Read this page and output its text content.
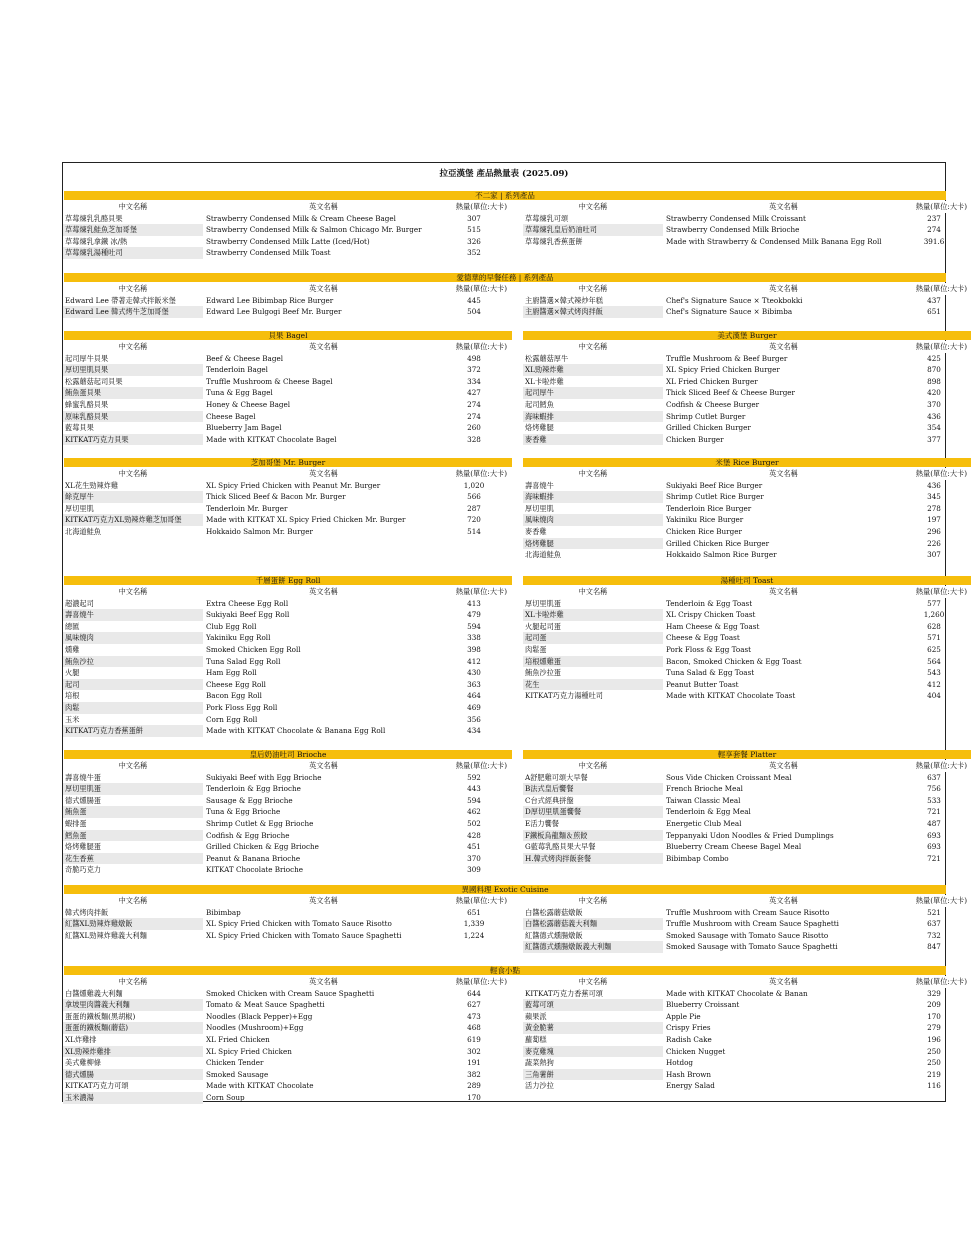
拉亞漢堡 產品熱量表 (2025.09)
不二家 | 系列產品
中文名稱	英文名稱	熱量(單位:大卡)
草莓煉乳乳酪貝果	Strawberry Condensed Milk & Cream Cheese Bagel	307
草莓煉乳鮭魚芝加哥堡	Strawberry Condensed Milk & Salmon Chicago Mr. Burger	515
草莓煉乳拿鐵 冰/熱	Strawberry Condensed Milk Latte (Iced/Hot)	326
草莓煉乳湯種吐司	Strawberry Condensed Milk Toast	352
中文名稱	英文名稱	熱量(單位:大卡)
草莓煉乳可頌	Strawberry Condensed Milk Croissant	237
草莓煉乳皇后奶油吐司	Strawberry Condensed Milk Brioche	274
草莓煉乳香蕉蛋餅	Made with Strawberry & Condensed Milk Banana Egg Roll	391.6
愛德華的早餐任務 | 系列產品
中文名稱	英文名稱	熱量(單位:大卡)
Edward Lee 帶著走韓式拌飯米堡	Edward Lee Bibimbap Rice Burger	445
Edward Lee 韓式烤牛芝加哥堡	Edward Lee Bulgogi Beef Mr. Burger	504
中文名稱	英文名稱	熱量(單位:大卡)
主廚醬選×韓式辣炒年糕	Chef's Signature Sauce × Tteokbokki	437
主廚醬選×韓式烤肉拌飯	Chef's Signature Sauce × Bibimba	651
貝果 Bagel
中文名稱	英文名稱	熱量(單位:大卡)
起司厚牛貝果	Beef & Cheese Bagel	498
厚切里肌貝果	Tenderloin Bagel	372
松露蘑菇起司貝果	Truffle Mushroom & Cheese Bagel	334
鮪魚蛋貝果	Tuna & Egg Bagel	427
蜂蜜乳酪貝果	Honey & Cheese Bagel	274
原味乳酪貝果	Cheese Bagel	274
藍莓貝果	Blueberry Jam Bagel	260
KITKAT巧克力貝果	Made with KITKAT Chocolate Bagel	328
美式漢堡 Burger
中文名稱	英文名稱	熱量(單位:大卡)
松露蘑菇厚牛	Truffle Mushroom & Beef Burger	425
XL勁辣炸雞	XL Spicy Fried Chicken Burger	870
XL卡啦炸雞	XL Fried Chicken Burger	898
起司厚牛	Thick Sliced Beef & Cheese Burger	420
起司鱈魚	Codfish & Cheese Burger	370
海味蝦排	Shrimp Cutlet Burger	436
烙烤雞腿	Grilled Chicken Burger	354
麥香雞	Chicken Burger	377
芝加哥堡 Mr. Burger
中文名稱	英文名稱	熱量(單位:大卡)
XL花生勁辣炸雞	XL Spicy Fried Chicken with Peanut Mr. Burger	1,020
餘克厚牛	Thick Sliced Beef & Bacon Mr. Burger	566
厚切里肌	Tenderloin Mr. Burger	287
KITKAT巧克力XL勁辣炸雞芝加哥堡	Made with KITKAT XL Spicy Fried Chicken Mr. Burger	720
北海道鮭魚	Hokkaido Salmon Mr. Burger	514
米堡 Rice Burger
中文名稱	英文名稱	熱量(單位:大卡)
壽喜燒牛	Sukiyaki Beef Rice Burger	436
海味蝦排	Shrimp Cutlet Rice Burger	345
厚切里肌	Tenderloin Rice Burger	278
風味燒肉	Yakiniku Rice Burger	197
麥香雞	Chicken Rice Burger	296
烙烤雞腿	Grilled Chicken Rice Burger	226
北海道鮭魚	Hokkaido Salmon Rice Burger	307
千層蛋餅 Egg Roll
中文名稱	英文名稱	熱量(單位:大卡)
超濃起司	Extra Cheese Egg Roll	413
壽喜燒牛	Sukiyaki Beef Egg Roll	479
總匯	Club Egg Roll	594
風味燒肉	Yakiniku Egg Roll	338
燻雞	Smoked Chicken Egg Roll	398
鮪魚沙拉	Tuna Salad Egg Roll	412
火腿	Ham Egg Roll	430
起司	Cheese Egg Roll	363
培根	Bacon Egg Roll	464
肉鬆	Pork Floss Egg Roll	469
玉米	Corn Egg Roll	356
KITKAT巧克力香蕉蛋餅	Made with KITKAT Chocolate & Banana Egg Roll	434
湯種吐司 Toast
中文名稱	英文名稱	熱量(單位:大卡)
厚切里肌蛋	Tenderloin & Egg Toast	577
XL卡啦炸雞	XL Crispy Chicken Toast	1,260
火腿起司蛋	Ham Cheese & Egg Toast	628
起司蛋	Cheese & Egg Toast	571
肉鬆蛋	Pork Floss & Egg Toast	625
培根燻雞蛋	Bacon, Smoked Chicken & Egg Toast	564
鮪魚沙拉蛋	Tuna Salad & Egg Toast	543
花生	Peanut Butter Toast	412
KITKAT巧克力湯種吐司	Made with KITKAT Chocolate Toast	404
皇后奶油吐司 Brioche
中文名稱	英文名稱	熱量(單位:大卡)
壽喜燒牛蛋	Sukiyaki Beef with Egg Brioche	592
厚切里肌蛋	Tenderloin & Egg Brioche	443
德式燻腸蛋	Sausage & Egg Brioche	594
鮪魚蛋	Tuna & Egg Brioche	462
蝦排蛋	Shrimp Cutlet & Egg Brioche	502
鱈魚蛋	Codfish & Egg Brioche	428
烙烤雞腿蛋	Grilled Chicken & Egg Brioche	451
花生香蕉	Peanut & Banana Brioche	370
奇脆巧克力	KITKAT Chocolate Brioche	309
輕享套餐 Platter
中文名稱	英文名稱	熱量(單位:大卡)
A舒肥雞可頌大早餐	Sous Vide Chicken Croissant Meal	637
B法式皇后饗餐	French Brioche Meal	756
C台式經典拼盤	Taiwan Classic Meal	533
D厚切里肌蛋饗餐	Tenderloin & Egg Meal	721
E活力饗餐	Energetic Club Meal	487
F鐵板烏龍麵＆煎餃	Teppanyaki Udon Noodles & Fried Dumplings	693
G藍莓乳酪貝果大早餐	Blueberry Cream Cheese Bagel Meal	693
H.韓式烤肉拌飯套餐	Bibimbap Combo	721
異國料理 Exotic Cuisine
中文名稱	英文名稱	熱量(單位:大卡)
韓式烤肉拌飯	Bibimbap	651
紅醬XL勁辣炸雞燉飯	XL Spicy Fried Chicken with Tomato Sauce Risotto	1,339
紅醬XL勁辣炸雞義大利麵	XL Spicy Fried Chicken with Tomato Sauce Spaghetti	1,224
中文名稱	英文名稱	熱量(單位:大卡)
白醬松露蘑菇燉飯	Truffle Mushroom with Cream Sauce Risotto	521
白醬松露蘑菇義大利麵	Truffle Mushroom with Cream Sauce Spaghetti	637
紅醬德式燻腸燉飯	Smoked Sausage with Tomato Sauce Risotto	732
紅醬德式燻腸燉飯義大利麵	Smoked Sausage with Tomato Sauce Spaghetti	847
輕食小點
中文名稱	英文名稱	熱量(單位:大卡)
白醬燻雞義大利麵	Smoked Chicken with Cream Sauce Spaghetti	644
拿坡里肉醬義大利麵	Tomato & Meat Sauce Spaghetti	627
蛋蛋的鐵板麵(黑胡椒)	Noodles (Black Pepper)+Egg	473
蛋蛋的鐵板麵(蘑菇)	Noodles (Mushroom)+Egg	468
XL炸雞排	XL Fried Chicken	619
XL勁辣炸雞排	XL Spicy Fried Chicken	302
美式雞柳條	Chicken Tender	191
德式燻腸	Smoked Sausage	382
KITKAT巧克力可頌	Made with KITKAT Chocolate	289
玉米濃湯	Corn Soup	170
中文名稱	英文名稱	熱量(單位:大卡)
KITKAT巧克力香蕉可頌	Made with KITKAT Chocolate & Banan	329
藍莓可頌	Blueberry Croissant	209
蘋果派	Apple Pie	170
黃金脆薯	Crispy Fries	279
蘿蔔糕	Radish Cake	196
麥克雞塊	Chicken Nugget	250
蔬菜熱狗	Hotdog	250
三角薯餅	Hash Brown	219
活力沙拉	Energy Salad	116
